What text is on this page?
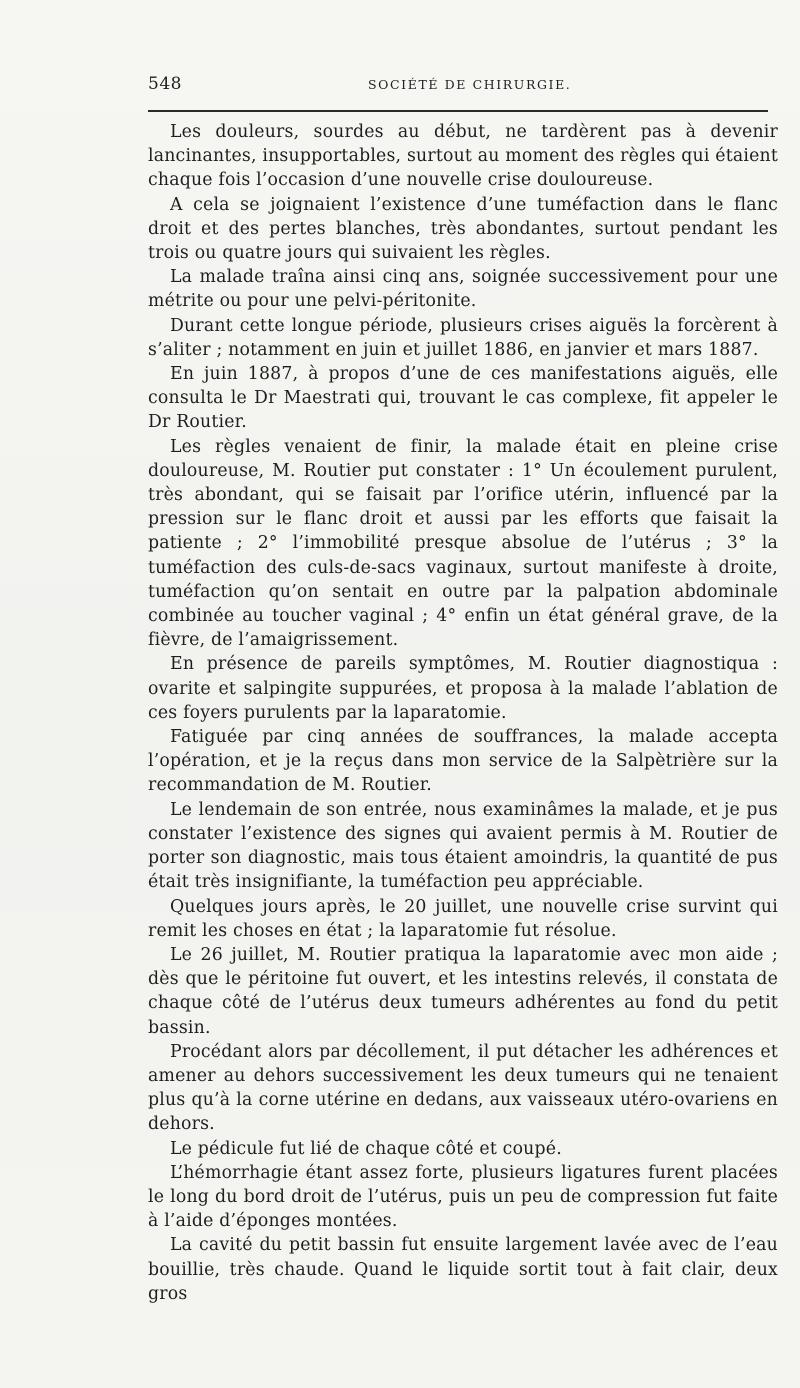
548	SOCIÉTÉ DE CHIRURGIE.

Les douleurs, sourdes au début, ne tardèrent pas à devenir lancinantes, insupportables, surtout au moment des règles qui étaient chaque fois l’occasion d’une nouvelle crise douloureuse.

A cela se joignaient l’existence d’une tuméfaction dans le flanc droit et des pertes blanches, très abondantes, surtout pendant les trois ou quatre jours qui suivaient les règles.

La malade traîna ainsi cinq ans, soignée successivement pour une métrite ou pour une pelvi-péritonite.

Durant cette longue période, plusieurs crises aiguës la forcèrent à s’aliter ; notamment en juin et juillet 1886, en janvier et mars 1887.

En juin 1887, à propos d’une de ces manifestations aiguës, elle consulta le Dr Maestrati qui, trouvant le cas complexe, fit appeler le Dr Routier.

Les règles venaient de finir, la malade était en pleine crise douloureuse, M. Routier put constater : 1° Un écoulement purulent, très abondant, qui se faisait par l’orifice utérin, influencé par la pression sur le flanc droit et aussi par les efforts que faisait la patiente ; 2° l’immobilité presque absolue de l’utérus ; 3° la tuméfaction des culs-de-sacs vaginaux, surtout manifeste à droite, tuméfaction qu’on sentait en outre par la palpation abdominale combinée au toucher vaginal ; 4° enfin un état général grave, de la fièvre, de l’amaigrissement.

En présence de pareils symptômes, M. Routier diagnostiqua : ovarite et salpingite suppurées, et proposa à la malade l’ablation de ces foyers purulents par la laparatomie.

Fatiguée par cinq années de souffrances, la malade accepta l’opération, et je la reçus dans mon service de la Salpètrière sur la recommandation de M. Routier.

Le lendemain de son entrée, nous examinâmes la malade, et je pus constater l’existence des signes qui avaient permis à M. Routier de porter son diagnostic, mais tous étaient amoindris, la quantité de pus était très insignifiante, la tuméfaction peu appréciable.

Quelques jours après, le 20 juillet, une nouvelle crise survint qui remit les choses en état ; la laparatomie fut résolue.

Le 26 juillet, M. Routier pratiqua la laparatomie avec mon aide ; dès que le péritoine fut ouvert, et les intestins relevés, il constata de chaque côté de l’utérus deux tumeurs adhérentes au fond du petit bassin.

Procédant alors par décollement, il put détacher les adhérences et amener au dehors successivement les deux tumeurs qui ne tenaient plus qu’à la corne utérine en dedans, aux vaisseaux utéro-ovariens en dehors.

Le pédicule fut lié de chaque côté et coupé.

L’hémorrhagie étant assez forte, plusieurs ligatures furent placées le long du bord droit de l’utérus, puis un peu de compression fut faite à l’aide d’éponges montées.

La cavité du petit bassin fut ensuite largement lavée avec de l’eau bouillie, très chaude. Quand le liquide sortit tout à fait clair, deux gros
